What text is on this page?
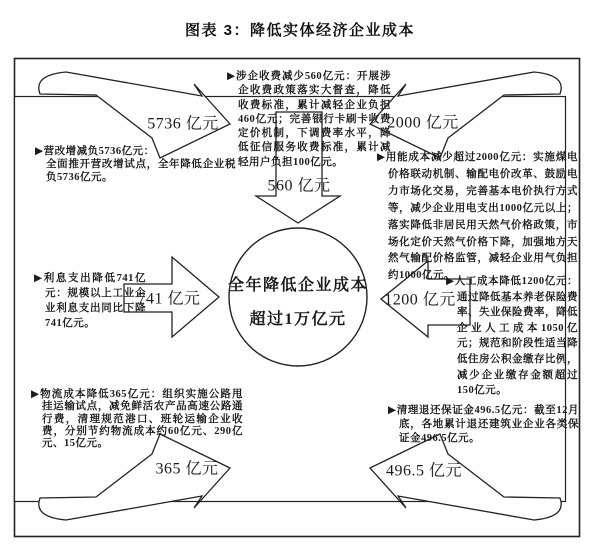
图表 3：降低实体经济企业成本
5736 亿元	2000 亿元
560 亿元
741 亿元	1200 亿元
365 亿元	496.5 亿元
全年降低企业成本
超过1万亿元
▶营改增减负5736亿元：
全面推开营改增试点，全年降低企业税负5736亿元。
▶涉企收费减少560亿元：开展涉企收费政策落实大督查，降低收费标准，累计减轻企业负担460亿元；完善银行卡刷卡收费定价机制，下调费率水平，降低征信服务收费标准，累计减轻用户负担100亿元。	▶用能成本减少超过2000亿元：实施煤电价格联动机制、输配电价改革、鼓励电力市场化交易，完善基本电价执行方式等，减少企业用电支出1000亿元以上；落实降低非居民用天然气价格政策，市场化定价天然气价格下降，加强地方天然气输配价格监管，减轻企业用气负担约1000亿元。
▶利息支出降低741亿元：规模以上工业企业利息支出同比下降741亿元。
▶人工成本降低1200亿元：通过降低基本养老保险费率、失业保险费率，降低企业人工成本1050亿元；规范和阶段性适当降低住房公积金缴存比例，减少企业缴存金额超过150亿元。
▶物流成本降低365亿元：组织实施公路甩挂运输试点，减免鲜活农产品高速公路通行费，清理规范港口、班轮运输企业收费，分别节约物流成本约60亿元、290亿元、15亿元。
▶清理退还保证金496.5亿元：截至12月底，各地累计退还建筑业企业各类保证金496.5亿元。
